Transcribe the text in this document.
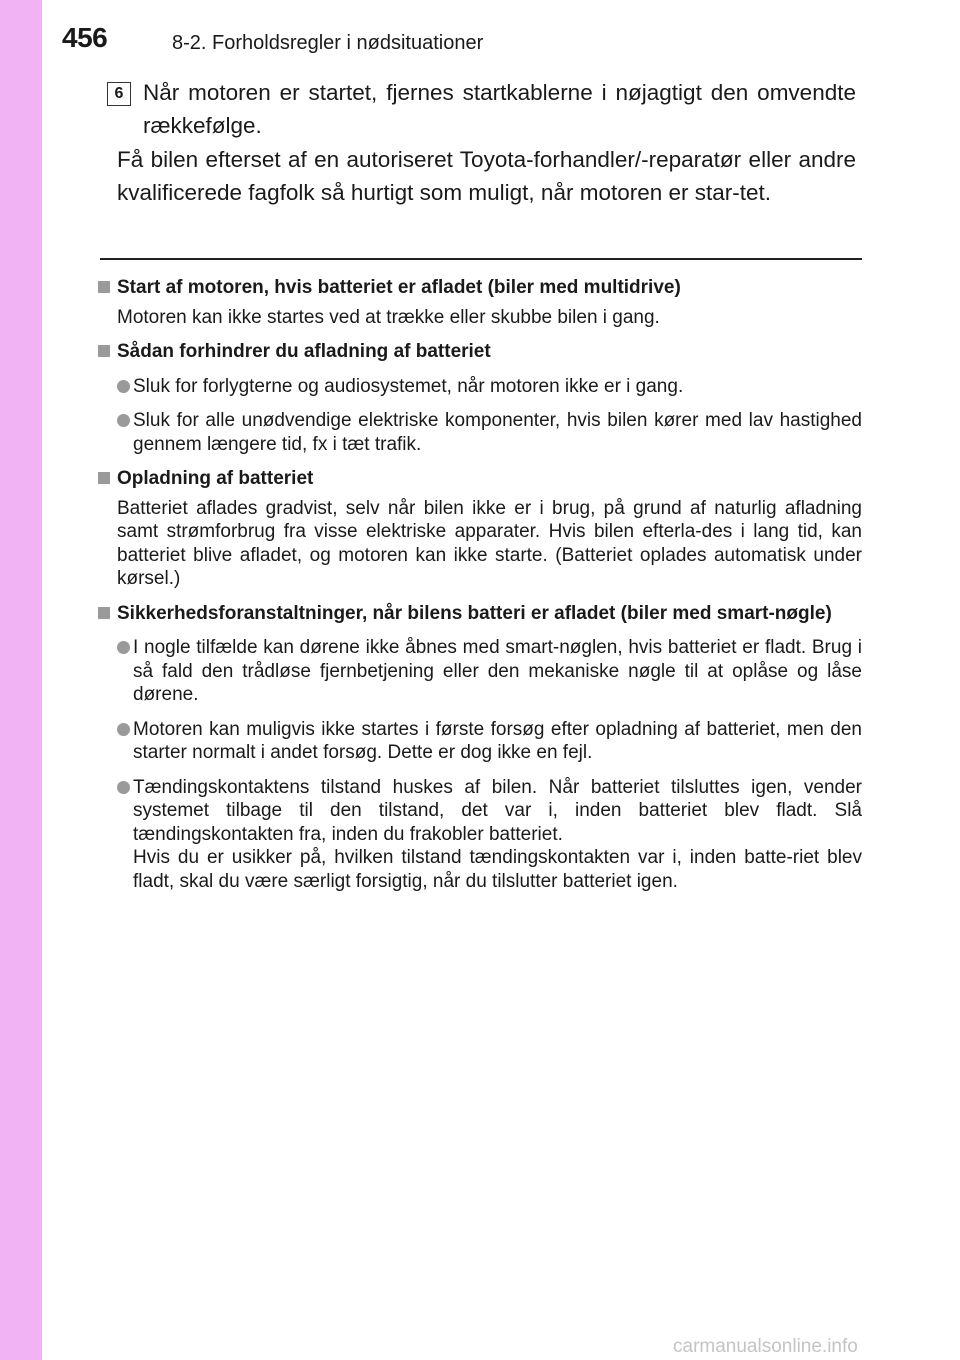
456	8-2. Forholdsregler i nødsituationer
6 Når motoren er startet, fjernes startkablerne i nøjagtigt den omvendte rækkefølge.
Få bilen efterset af en autoriseret Toyota-forhandler/-reparatør eller andre kvalificerede fagfolk så hurtigt som muligt, når motoren er star-tet.
Start af motoren, hvis batteriet er afladet (biler med multidrive)
Motoren kan ikke startes ved at trække eller skubbe bilen i gang.
Sådan forhindrer du afladning af batteriet

Sluk for forlygterne og audiosystemet, når motoren ikke er i gang.

Sluk for alle unødvendige elektriske komponenter, hvis bilen kører med lav hastighed gennem længere tid, fx i tæt trafik.

Opladning af batteriet
Batteriet aflades gradvist, selv når bilen ikke er i brug, på grund af naturlig afladning samt strømforbrug fra visse elektriske apparater. Hvis bilen efterla-des i lang tid, kan batteriet blive afladet, og motoren kan ikke starte. (Batteriet oplades automatisk under kørsel.)
Sikkerhedsforanstaltninger, når bilens batteri er afladet (biler med smart-nøgle)

I nogle tilfælde kan dørene ikke åbnes med smart-nøglen, hvis batteriet er fladt. Brug i så fald den trådløse fjernbetjening eller den mekaniske nøgle til at oplåse og låse dørene.

Motoren kan muligvis ikke startes i første forsøg efter opladning af batteriet, men den starter normalt i andet forsøg. Dette er dog ikke en fejl.

Tændingskontaktens tilstand huskes af bilen. Når batteriet tilsluttes igen, vender systemet tilbage til den tilstand, det var i, inden batteriet blev fladt. Slå tændingskontakten fra, inden du frakobler batteriet.

Hvis du er usikker på, hvilken tilstand tændingskontakten var i, inden batte-riet blev fladt, skal du være særligt forsigtig, når du tilslutter batteriet igen.

carmanualsonline.info
